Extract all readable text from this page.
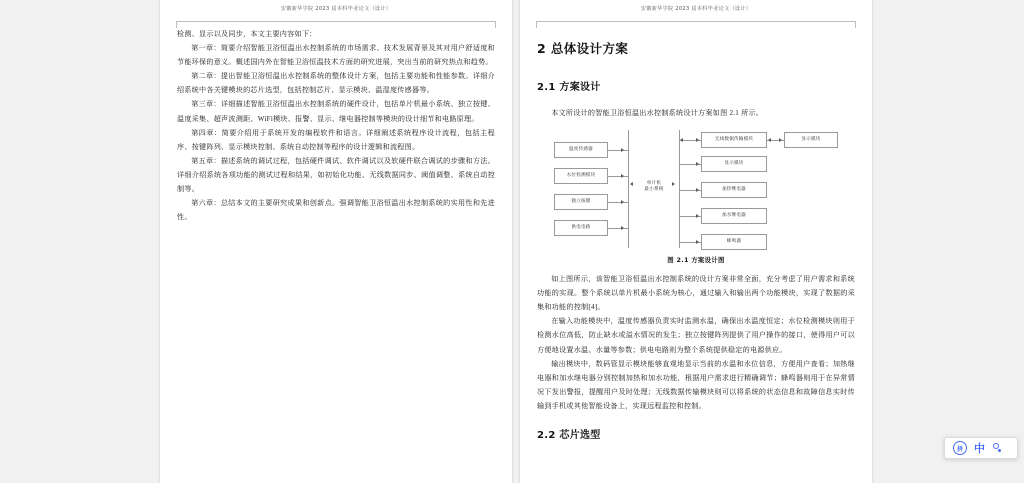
安徽新华学院 2023 届本科毕业论文（设计）

检测、显示以及同步，本文主要内容如下：

第一章：简要介绍智能卫浴恒温出水控制系统的市场需求、技术发展背景及其对用户舒适度和节能环保的意义。概述国内外在智能卫浴恒温技术方面的研究进展，突出当前的研究热点和趋势。

第二章：提出智能卫浴恒温出水控制系统的整体设计方案，包括主要功能和性能参数。详细介绍系统中各关键模块的芯片选型，包括控制芯片、显示模块、温湿度传感器等。

第三章：详细描述智能卫浴恒温出水控制系统的硬件设计，包括单片机最小系统、独立按键、温度采集、超声波测距、WiFi模块、报警、显示、继电器控制等模块的设计细节和电路原理。

第四章：简要介绍用于系统开发的编程软件和语言。详细阐述系统程序设计流程，包括主程序、按键阵列、显示模块控制、系统自动控制等程序的设计逻辑和流程图。

第五章：描述系统的调试过程，包括硬件调试、软件调试以及软硬件联合调试的步骤和方法。详细介绍系统各项功能的测试过程和结果，如初始化功能、无线数据同步、阈值调整、系统自动控制等。

第六章：总结本文的主要研究成果和创新点。强调智能卫浴恒温出水控制系统的实用性和先进性。

安徽新华学院 2023 届本科毕业论文（设计）
2 总体设计方案
2.1 方案设计

本文所设计的智能卫浴恒温出水控制系统设计方案如图 2.1 所示。

温度传感器
水位检测模块
独立按键
供电电路
单片机
最小系统
无线数据传输模块
显示模块
加热继电器
加水继电器
蜂鸣器
显示模块
图 2.1 方案设计图

如上图所示，该智能卫浴恒温出水控制系统的设计方案非常全面，充分考虑了用户需求和系统功能的实现。整个系统以单片机最小系统为核心，通过输入和输出两个功能模块，实现了数据的采集和功能的控制[4]。

在输入功能模块中，温度传感器负责实时监测水温，确保出水温度恒定；水位检测模块则用于检测水位高低，防止缺水或溢水情况的发生；独立按键阵列提供了用户操作的接口，使得用户可以方便地设置水温、水量等参数；供电电路则为整个系统提供稳定的电源供应。

输出模块中，数码管显示模块能够直观地显示当前的水温和水位信息，方便用户查看；加热继电器和加水继电器分别控制加热和加水功能，根据用户需求进行精确调节；蜂鸣器则用于在异常情况下发出警报，提醒用户及时处理；无线数据传输模块则可以将系统的状态信息和故障信息实时传输到手机或其他智能设备上，实现远程监控和控制。

2.2 芯片选型
拼	中
